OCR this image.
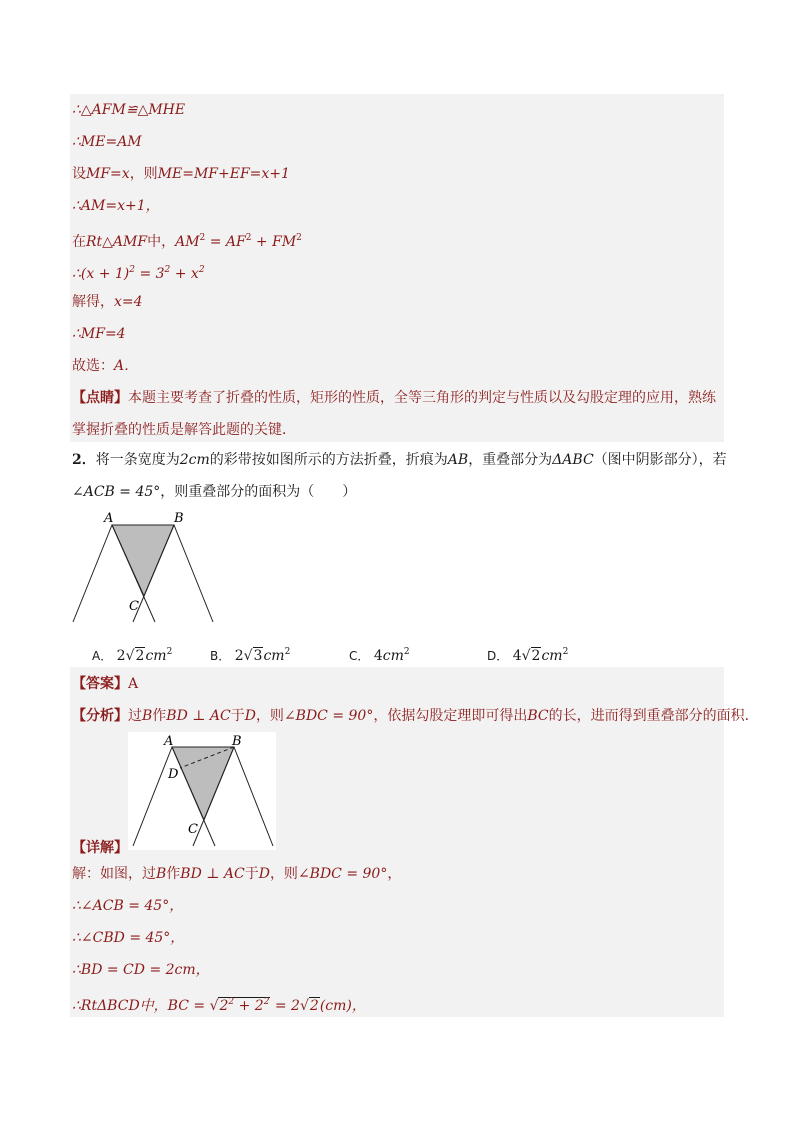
∴△AFM≌△MHE
∴ME=AM
设MF=x，则ME=MF+EF=x+1
∴AM=x+1，
在Rt△AMF中，$AM^2 = AF^2 + FM^2$
∴(x + $1)^2 = 3^2 + x^2$
解得，x=4
∴MF=4
故选：A．
【点睛】本题主要考查了折叠的性质，矩形的性质，全等三角形的判定与性质以及勾股定理的应用，熟练
掌握折叠的性质是解答此题的关键．
2．将一条宽度为2cm的彩带按如图所示的方法折叠，折痕为AB，重叠部分为ΔABC（图中阴影部分），若
∠ACB = 45°，则重叠部分的面积为（　　）
A	B
C
A． $2√2cm^2$	B． $2√3cm^2$	C． $4cm^2$	D． $4√2cm^2$
【答案】A
【分析】过B作BD ⊥ AC于D，则∠BDC = 90°，依据勾股定理即可得出BC的长，进而得到重叠部分的面积．
A	B
D
C
【详解】
解：如图，过B作BD ⊥ AC于D，则∠BDC = 90°，
∴∠ACB = 45°，
∴∠CBD = 45°，
∴BD = CD = 2cm，
∴RtΔBCD中，BC = $√2^2 + 2^2 = 2√2(cm)$，
